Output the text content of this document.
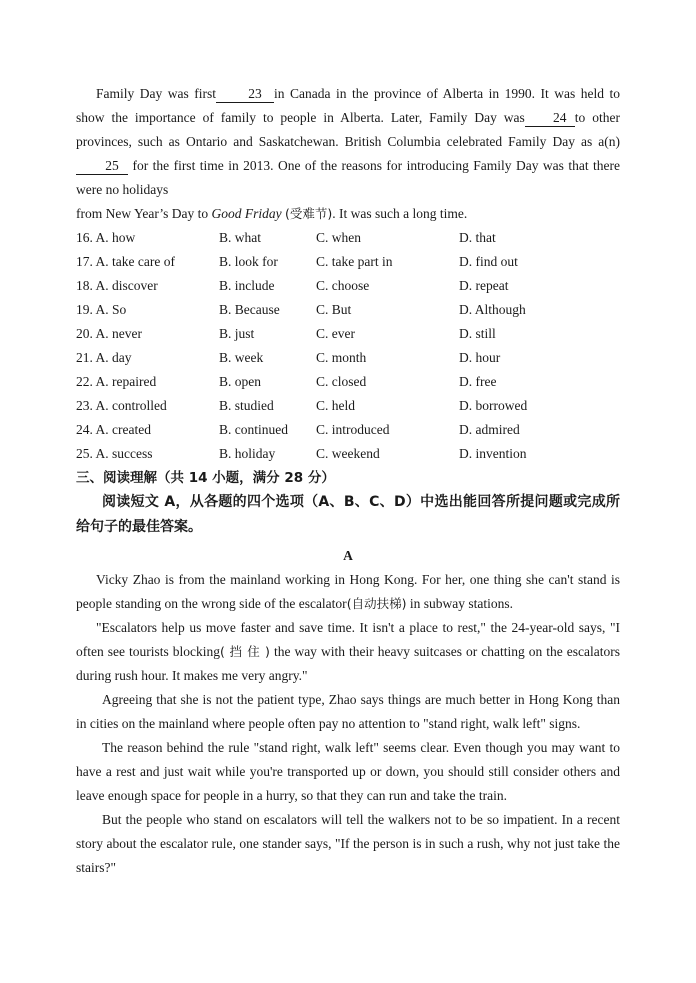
Family Day was first 23 in Canada in the province of Alberta in 1990. It was held to show the importance of family to people in Alberta. Later, Family Day was 24 to other provinces, such as Ontario and Saskatchewan. British Columbia celebrated Family Day as a(n) 25 for the first time in 2013. One of the reasons for introducing Family Day was that there were no holidays

from New Year’s Day to Good Friday (受难节). It was such a long time.

16. A. how	B. what	C. when	D. that
17. A. take care of	B. look for	C. take part in	D. find out
18. A. discover	B. include	C. choose	D. repeat
19. A. So	B. Because	C. But	D. Although
20. A. never	B. just	C. ever	D. still
21. A. day	B. week	C. month	D. hour
22. A. repaired	B. open	C. closed	D. free
23. A. controlled	B. studied	C. held	D. borrowed
24. A. created	B. continued	C. introduced	D. admired
25. A. success	B. holiday	C. weekend	D. invention

三、阅读理解（共 14 小题，满分 28 分）

阅读短文 A，从各题的四个选项（A、B、C、D）中选出能回答所提问题或完成所给句子的最佳答案。

A

Vicky Zhao is from the mainland working in Hong Kong. For her, one thing she can't stand is people standing on the wrong side of the escalator(自动扶梯) in subway stations.

"Escalators help us move faster and save time. It isn't a place to rest," the 24-year-old says, "I often see tourists blocking( 挡 住 ) the way with their heavy suitcases or chatting on the escalators during rush hour. It makes me very angry."

Agreeing that she is not the patient type, Zhao says things are much better in Hong Kong than in cities on the mainland where people often pay no attention to "stand right, walk left" signs.

The reason behind the rule "stand right, walk left" seems clear. Even though you may want to have a rest and just wait while you're transported up or down, you should still consider others and leave enough space for people in a hurry, so that they can run and take the train.

But the people who stand on escalators will tell the walkers not to be so impatient. In a recent story about the escalator rule, one stander says, "If the person is in such a rush, why not just take the stairs?"
